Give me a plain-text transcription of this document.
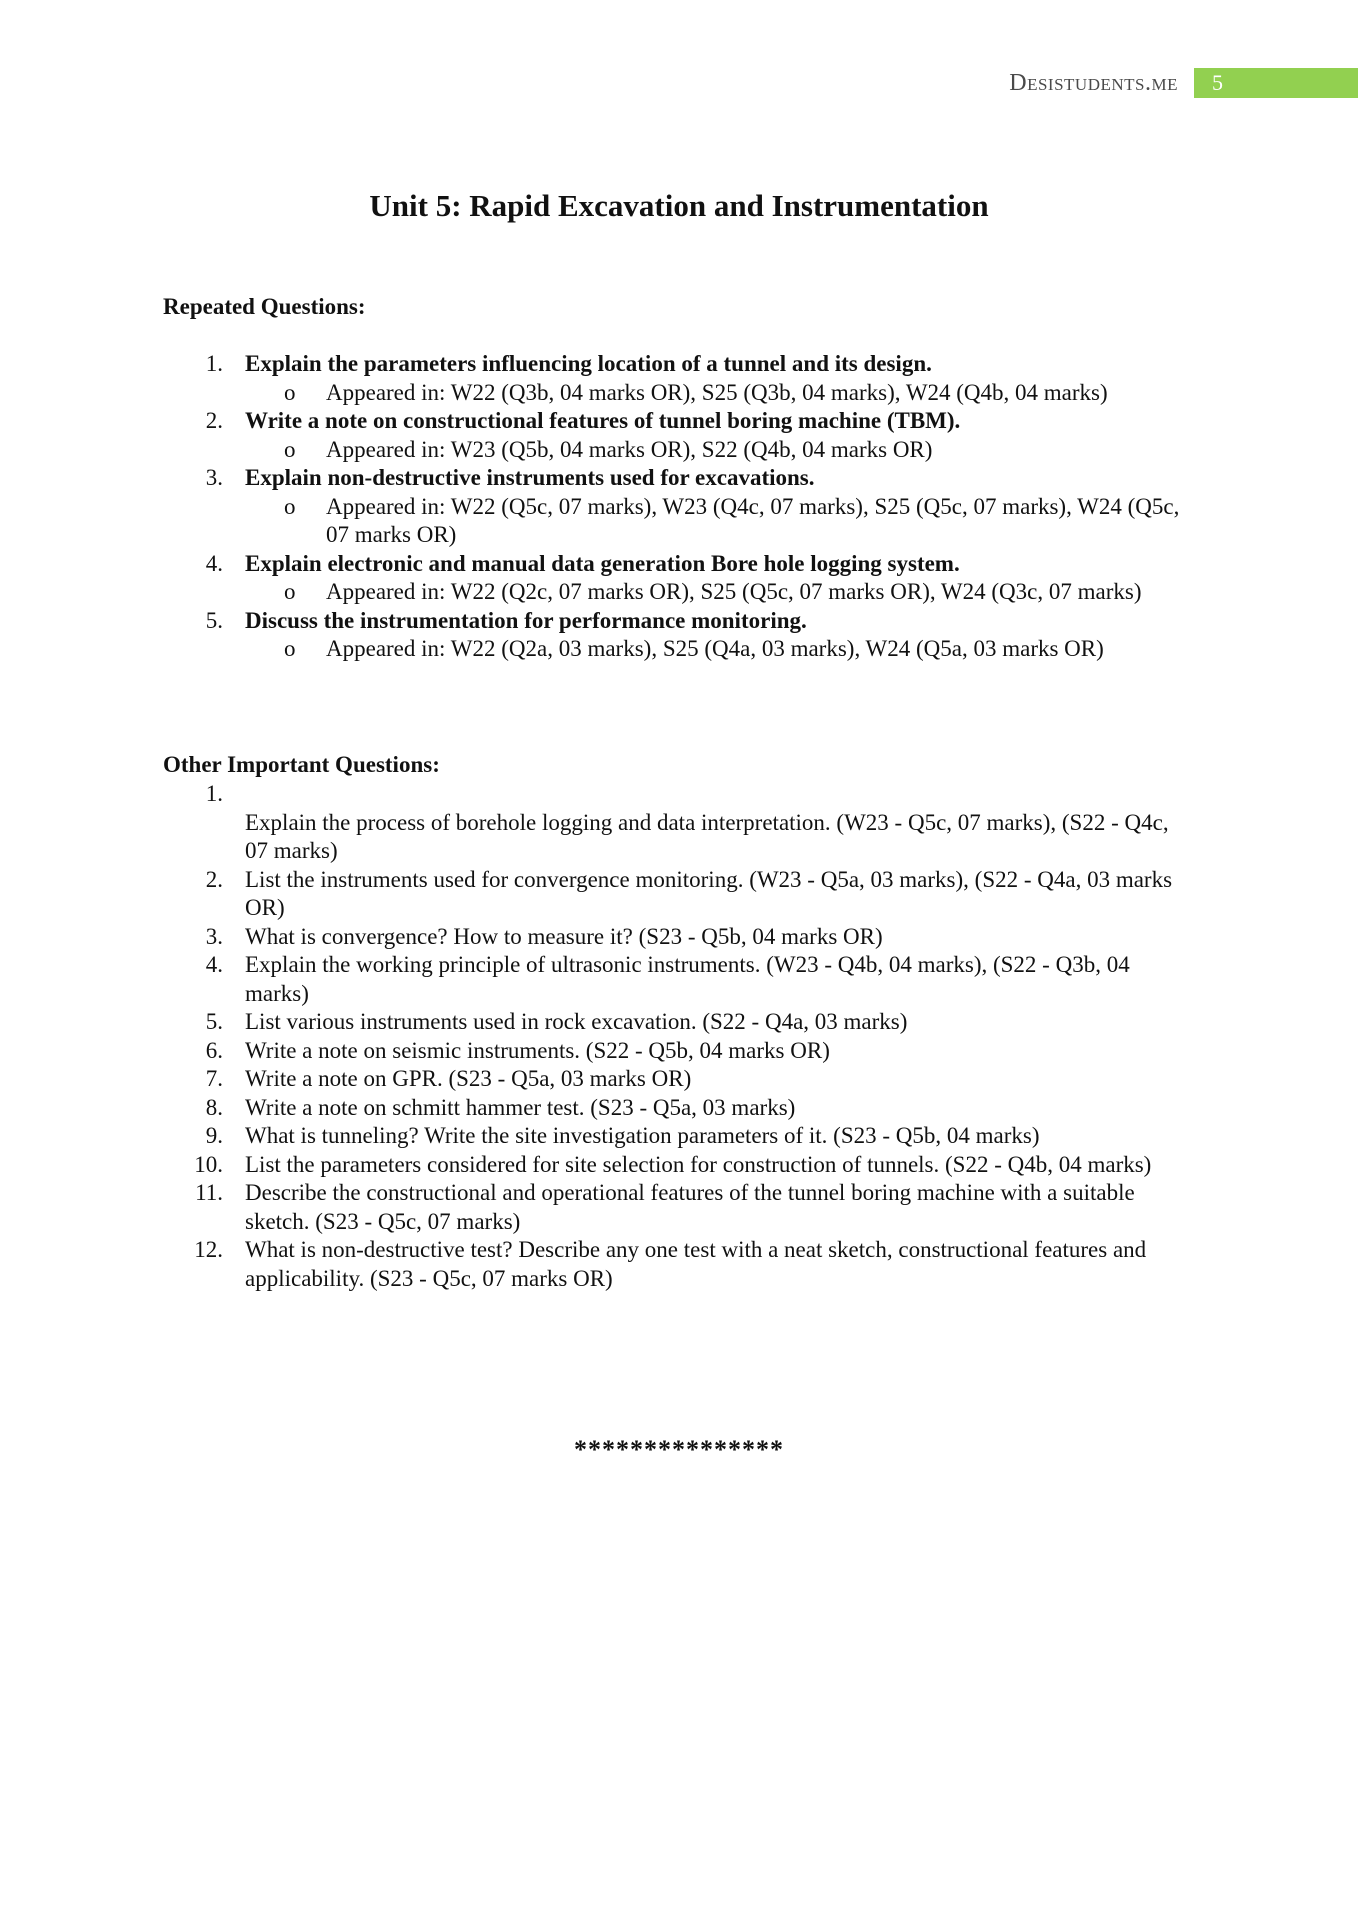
DESISTUDENTS.ME	5
Unit 5: Rapid Excavation and Instrumentation
Repeated Questions:
1. Explain the parameters influencing location of a tunnel and its design.
o Appeared in: W22 (Q3b, 04 marks OR), S25 (Q3b, 04 marks), W24 (Q4b, 04 marks)
2. Write a note on constructional features of tunnel boring machine (TBM).
o Appeared in: W23 (Q5b, 04 marks OR), S22 (Q4b, 04 marks OR)
3. Explain non-destructive instruments used for excavations.
o Appeared in: W22 (Q5c, 07 marks), W23 (Q4c, 07 marks), S25 (Q5c, 07 marks), W24 (Q5c, 07 marks OR)
4. Explain electronic and manual data generation Bore hole logging system.
o Appeared in: W22 (Q2c, 07 marks OR), S25 (Q5c, 07 marks OR), W24 (Q3c, 07 marks)
5. Discuss the instrumentation for performance monitoring.
o Appeared in: W22 (Q2a, 03 marks), S25 (Q4a, 03 marks), W24 (Q5a, 03 marks OR)
Other Important Questions:
1.
Explain the process of borehole logging and data interpretation. (W23 - Q5c, 07 marks), (S22 - Q4c, 07 marks)
2. List the instruments used for convergence monitoring. (W23 - Q5a, 03 marks), (S22 - Q4a, 03 marks OR)
3. What is convergence? How to measure it? (S23 - Q5b, 04 marks OR)
4. Explain the working principle of ultrasonic instruments. (W23 - Q4b, 04 marks), (S22 - Q3b, 04 marks)
5. List various instruments used in rock excavation. (S22 - Q4a, 03 marks)
6. Write a note on seismic instruments. (S22 - Q5b, 04 marks OR)
7. Write a note on GPR. (S23 - Q5a, 03 marks OR)
8. Write a note on schmitt hammer test. (S23 - Q5a, 03 marks)
9. What is tunneling? Write the site investigation parameters of it. (S23 - Q5b, 04 marks)
10. List the parameters considered for site selection for construction of tunnels. (S22 - Q4b, 04 marks)
11. Describe the constructional and operational features of the tunnel boring machine with a suitable sketch. (S23 - Q5c, 07 marks)
12. What is non-destructive test? Describe any one test with a neat sketch, constructional features and applicability. (S23 - Q5c, 07 marks OR)

***************
